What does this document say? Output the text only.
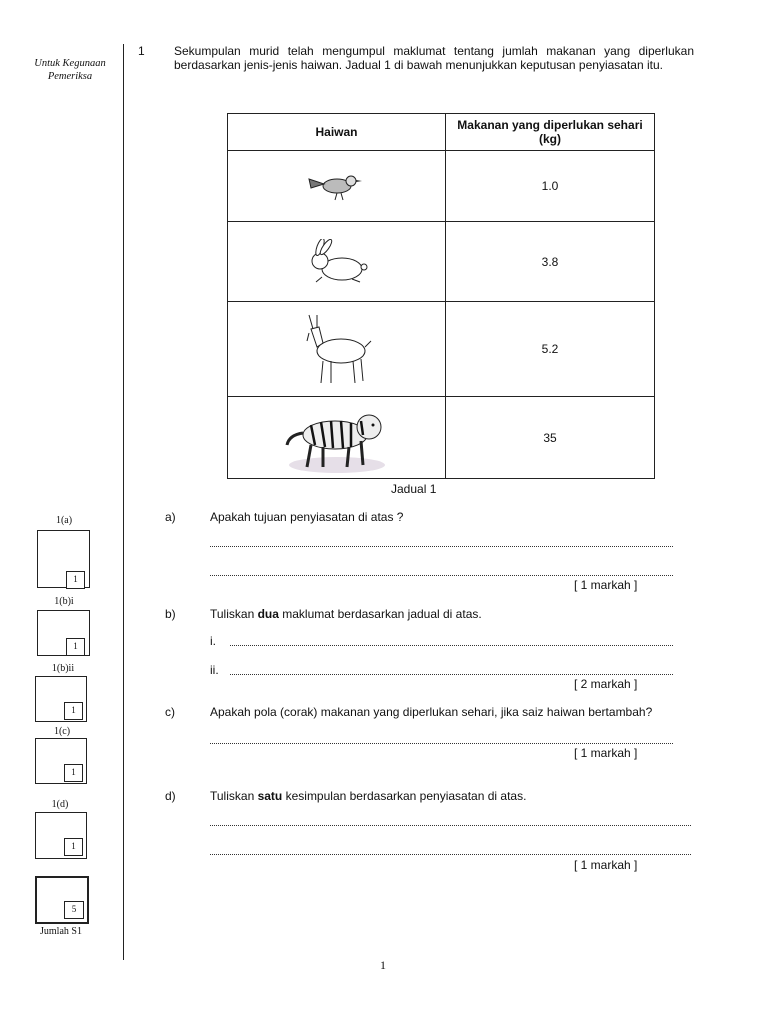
Untuk Kegunaan Pemeriksa
1 Sekumpulan murid telah mengumpul maklumat tentang jumlah makanan yang diperlukan berdasarkan jenis-jenis haiwan. Jadual 1 di bawah menunjukkan keputusan penyiasatan itu.
Haiwan	Makanan yang diperlukan sehari (kg)

	1.0

	3.8

	5.2

	35
Jadual 1
a)	Apakah tujuan penyiasatan di atas ?
[ 1 markah ]
b)	Tuliskan dua maklumat berdasarkan jadual di atas.
i.
ii.
[ 2 markah ]
c)	Apakah pola (corak) makanan yang diperlukan sehari, jika saiz haiwan bertambah?
[ 1 markah ]
d)	Tuliskan satu kesimpulan berdasarkan penyiasatan di atas.
[ 1 markah ]
1(a)
1
1(b)i
1
1(b)ii
1
1(c)
1
1(d)
1
5
Jumlah S1
1
